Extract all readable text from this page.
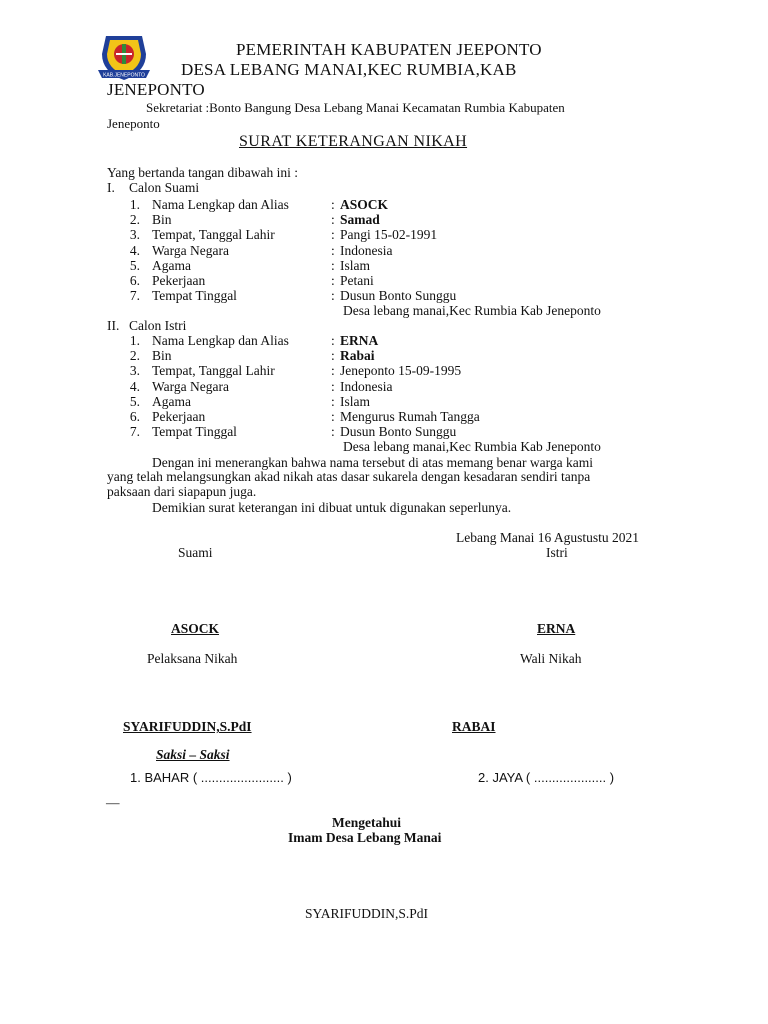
KAB.JENEPONTO
PEMERINTAH KABUPATEN JEEPONTO
DESA LEBANG MANAI,KEC RUMBIA,KAB
JENEPONTO
Sekretariat :Bonto Bangung Desa Lebang Manai Kecamatan Rumbia Kabupaten
Jeneponto
SURAT KETERANGAN NIKAH
Yang bertanda tangan dibawah ini :
I. Calon Suami
1. Nama Lengkap dan Alias	: ASOCK
2. Bin	: Samad
3. Tempat, Tanggal Lahir	: Pangi 15-02-1991
4. Warga Negara	: Indonesia
5. Agama	: Islam
6. Pekerjaan	: Petani
7. Tempat Tinggal	: Dusun Bonto Sunggu
Desa lebang manai,Kec Rumbia Kab Jeneponto
II. Calon Istri
1. Nama Lengkap dan Alias	: ERNA
2. Bin	: Rabai
3. Tempat, Tanggal Lahir	: Jeneponto 15-09-1995
4. Warga Negara	: Indonesia
5. Agama	: Islam
6. Pekerjaan	: Mengurus Rumah Tangga
7. Tempat Tinggal	: Dusun Bonto Sunggu
Desa lebang manai,Kec Rumbia Kab Jeneponto
Dengan ini menerangkan bahwa nama tersebut di atas memang benar warga kami
yang telah melangsungkan akad nikah atas dasar sukarela dengan kesadaran sendiri tanpa
paksaan dari siapapun juga.
Demikian surat keterangan ini dibuat untuk digunakan seperlunya.
Lebang Manai 16 Agustustu 2021
Suami	Istri
ASOCK	ERNA
Pelaksana Nikah	Wali Nikah
SYARIFUDDIN,S.PdI	RABAI
Saksi – Saksi
1. BAHAR ( ....................... )	2. JAYA ( .................... )
—
Mengetahui
Imam Desa Lebang Manai
SYARIFUDDIN,S.PdI
